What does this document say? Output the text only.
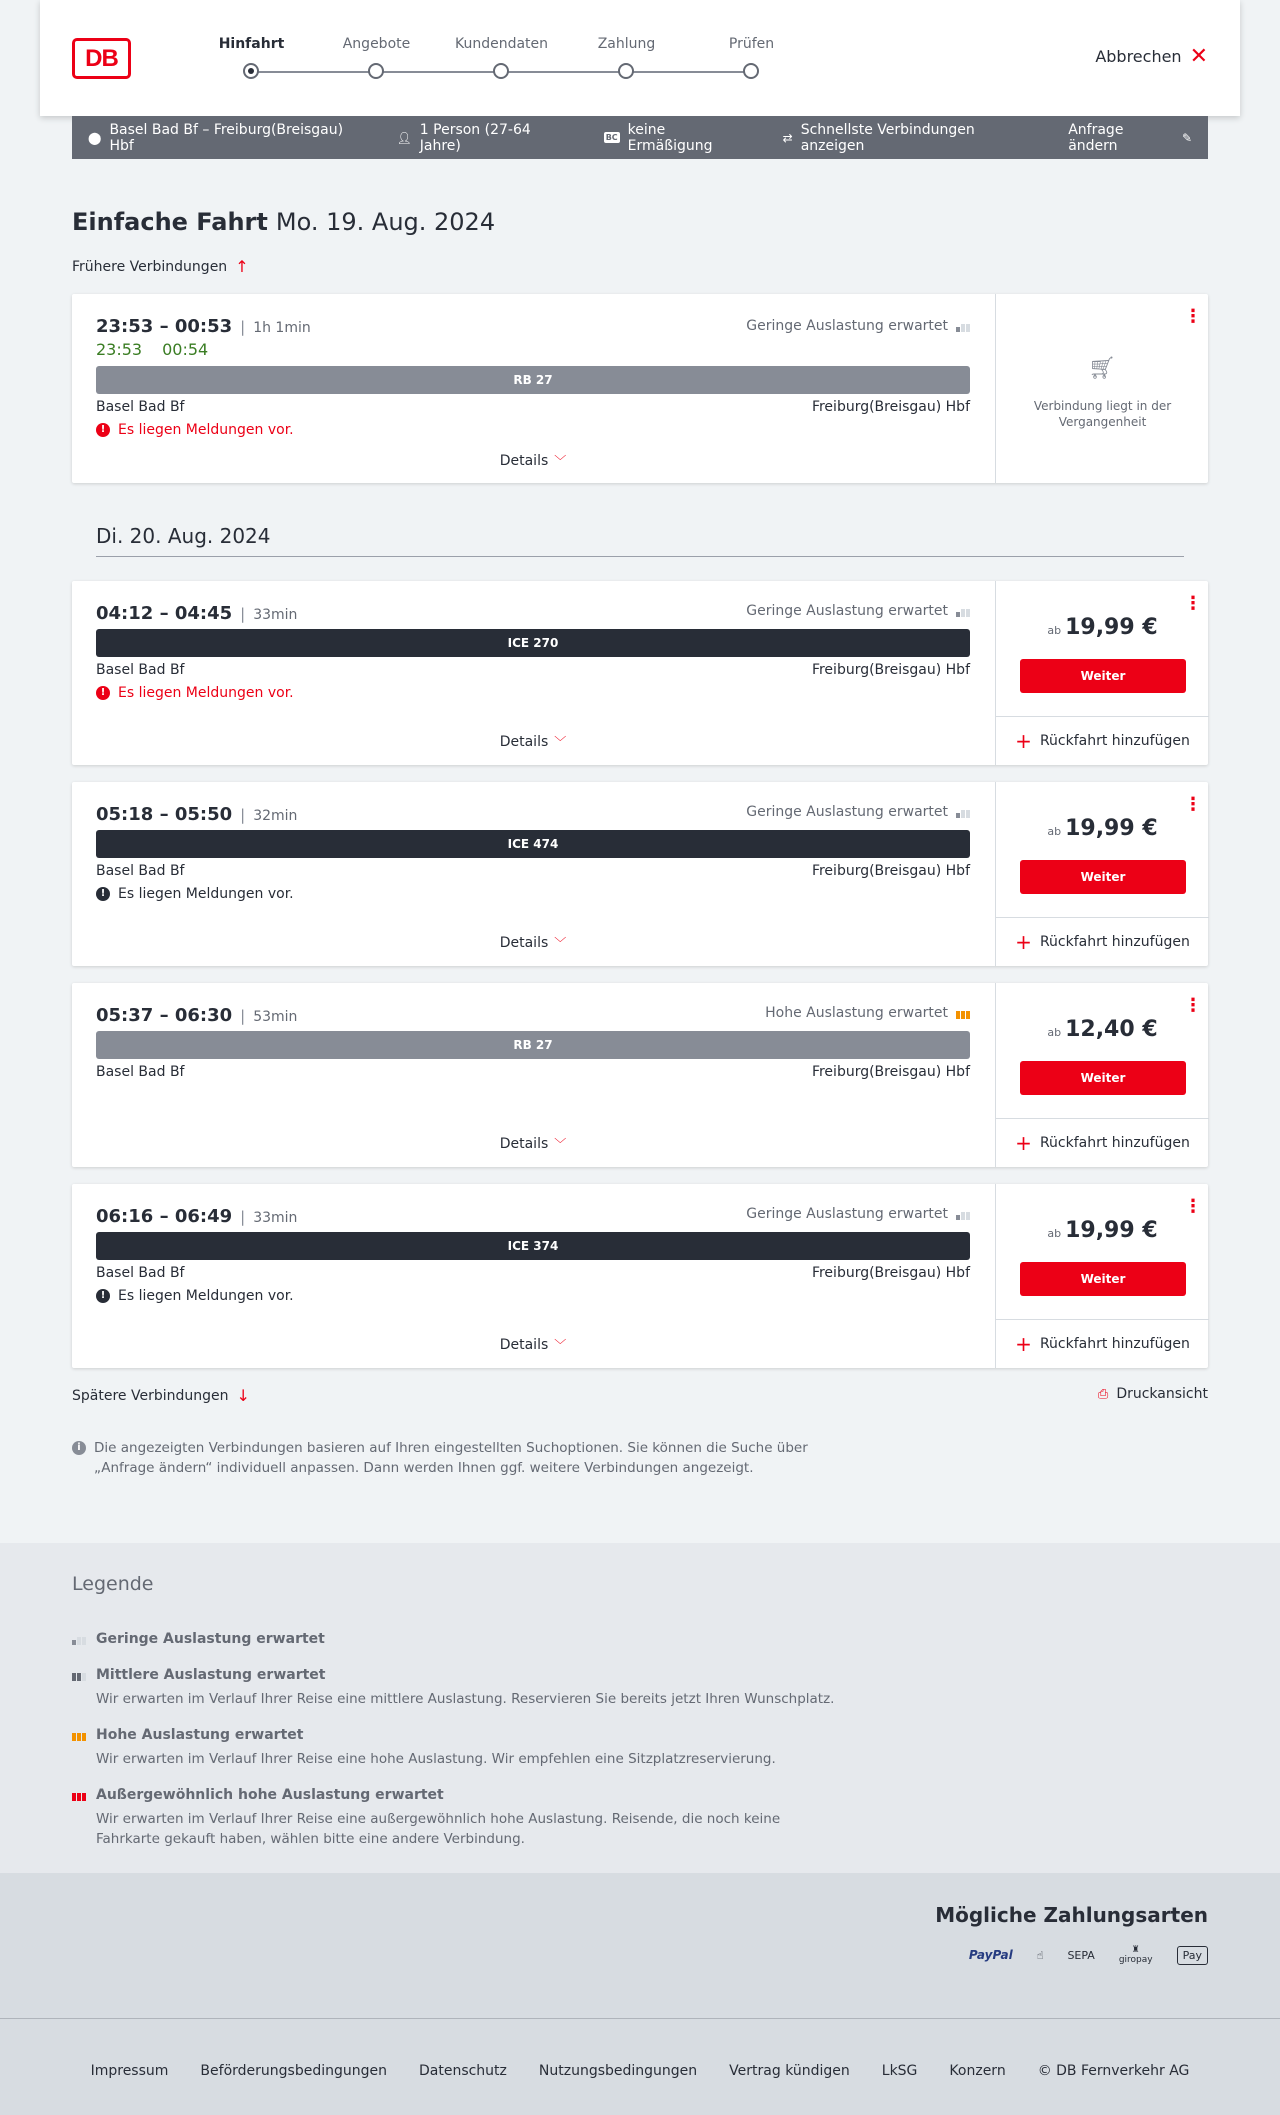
DB
Hinfahrt	Angebote	Kundendaten	Zahlung	Prüfen
Abbrechen ✕
⬤ Basel Bad Bf – Freiburg(Breisgau) Hbf	👤︎ 1 Person (27-64 Jahre)	BC keine Ermäßigung	⇄ Schnellste Verbindungen anzeigen
Anfrage ändern	✎
Einfache Fahrt Mo. 19. Aug. 2024
Frühere Verbindungen ↑
23:53 – 00:53 | 1h 1min	Geringe Auslastung erwartet
23:53 00:54
RB 27
Basel Bad Bf	Freiburg(Breisgau) Hbf
! Es liegen Meldungen vor.
Details ﹀
⋮
🛒︎
Verbindung liegt in der Vergangenheit
Di. 20. Aug. 2024
04:12 – 04:45 | 33min	Geringe Auslastung erwartet
ICE 270
Basel Bad Bf	Freiburg(Breisgau) Hbf
! Es liegen Meldungen vor.
Details ﹀
⋮
ab 19,99 €
Weiter
+ Rückfahrt hinzufügen
05:18 – 05:50 | 32min	Geringe Auslastung erwartet
ICE 474
Basel Bad Bf	Freiburg(Breisgau) Hbf
! Es liegen Meldungen vor.
Details ﹀
⋮
ab 19,99 €
Weiter
+ Rückfahrt hinzufügen
05:37 – 06:30 | 53min	Hohe Auslastung erwartet
RB 27
Basel Bad Bf	Freiburg(Breisgau) Hbf
Details ﹀
⋮
ab 12,40 €
Weiter
+ Rückfahrt hinzufügen
06:16 – 06:49 | 33min	Geringe Auslastung erwartet
ICE 374
Basel Bad Bf	Freiburg(Breisgau) Hbf
! Es liegen Meldungen vor.
Details ﹀
⋮
ab 19,99 €
Weiter
+ Rückfahrt hinzufügen
Spätere Verbindungen ↓	⎙ Druckansicht
i Die angezeigten Verbindungen basieren auf Ihren eingestellten Suchoptionen. Sie können die Suche über „Anfrage ändern“ individuell anpassen. Dann werden Ihnen ggf. weitere Verbindungen angezeigt.
Legende
Geringe Auslastung erwartet
Mittlere Auslastung erwartet
Wir erwarten im Verlauf Ihrer Reise eine mittlere Auslastung. Reservieren Sie bereits jetzt Ihren Wunschplatz.
Hohe Auslastung erwartet
Wir erwarten im Verlauf Ihrer Reise eine hohe Auslastung. Wir empfehlen eine Sitzplatzreservierung.
Außergewöhnlich hohe Auslastung erwartet
Wir erwarten im Verlauf Ihrer Reise eine außergewöhnlich hohe Auslastung. Reisende, die noch keine Fahrkarte gekauft haben, wählen bitte eine andere Verbindung.
Mögliche Zahlungsarten
PayPal ☝︎ SEPA	♜
giropay	Pay
Impressum Beförderungsbedingungen Datenschutz Nutzungsbedingungen Vertrag kündigen LkSG Konzern © DB Fernverkehr AG
